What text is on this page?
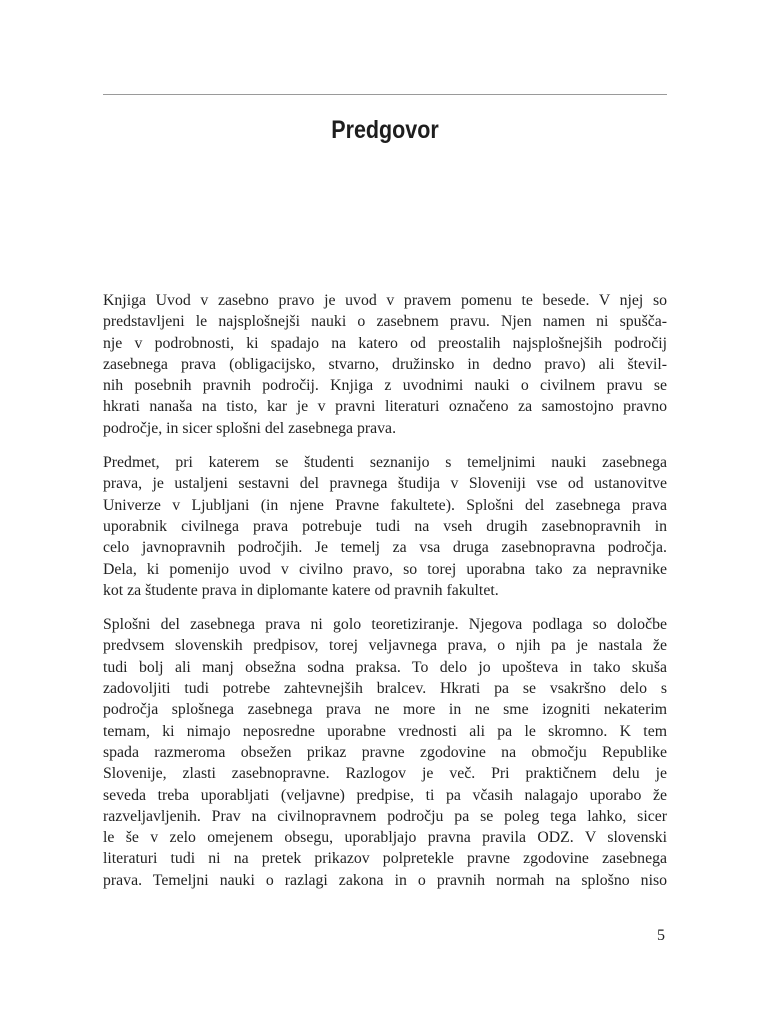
Predgovor
Knjiga Uvod v zasebno pravo je uvod v pravem pomenu te besede. V njej so
predstavljeni le najsplošnejši nauki o zasebnem pravu. Njen namen ni spušča-
nje v podrobnosti, ki spadajo na katero od preostalih najsplošnejših področij
zasebnega prava (obligacijsko, stvarno, družinsko in dedno pravo) ali števil-
nih posebnih pravnih področij. Knjiga z uvodnimi nauki o civilnem pravu se
hkrati nanaša na tisto, kar je v pravni literaturi označeno za samostojno pravno
področje, in sicer splošni del zasebnega prava.
Predmet, pri katerem se študenti seznanijo s temeljnimi nauki zasebnega
prava, je ustaljeni sestavni del pravnega študija v Sloveniji vse od ustanovitve
Univerze v Ljubljani (in njene Pravne fakultete). Splošni del zasebnega prava
uporabnik civilnega prava potrebuje tudi na vseh drugih zasebnopravnih in
celo javnopravnih področjih. Je temelj za vsa druga zasebnopravna področja.
Dela, ki pomenijo uvod v civilno pravo, so torej uporabna tako za nepravnike
kot za študente prava in diplomante katere od pravnih fakultet.
Splošni del zasebnega prava ni golo teoretiziranje. Njegova podlaga so določbe
predvsem slovenskih predpisov, torej veljavnega prava, o njih pa je nastala že
tudi bolj ali manj obsežna sodna praksa. To delo jo upošteva in tako skuša
zadovoljiti tudi potrebe zahtevnejših bralcev. Hkrati pa se vsakršno delo s
področja splošnega zasebnega prava ne more in ne sme izogniti nekaterim
temam, ki nimajo neposredne uporabne vrednosti ali pa le skromno. K tem
spada razmeroma obsežen prikaz pravne zgodovine na območju Republike
Slovenije, zlasti zasebnopravne. Razlogov je več. Pri praktičnem delu je
seveda treba uporabljati (veljavne) predpise, ti pa včasih nalagajo uporabo že
razveljavljenih. Prav na civilnopravnem področju pa se poleg tega lahko, sicer
le še v zelo omejenem obsegu, uporabljajo pravna pravila ODZ. V slovenski
literaturi tudi ni na pretek prikazov polpretekle pravne zgodovine zasebnega
prava. Temeljni nauki o razlagi zakona in o pravnih normah na splošno niso
5
